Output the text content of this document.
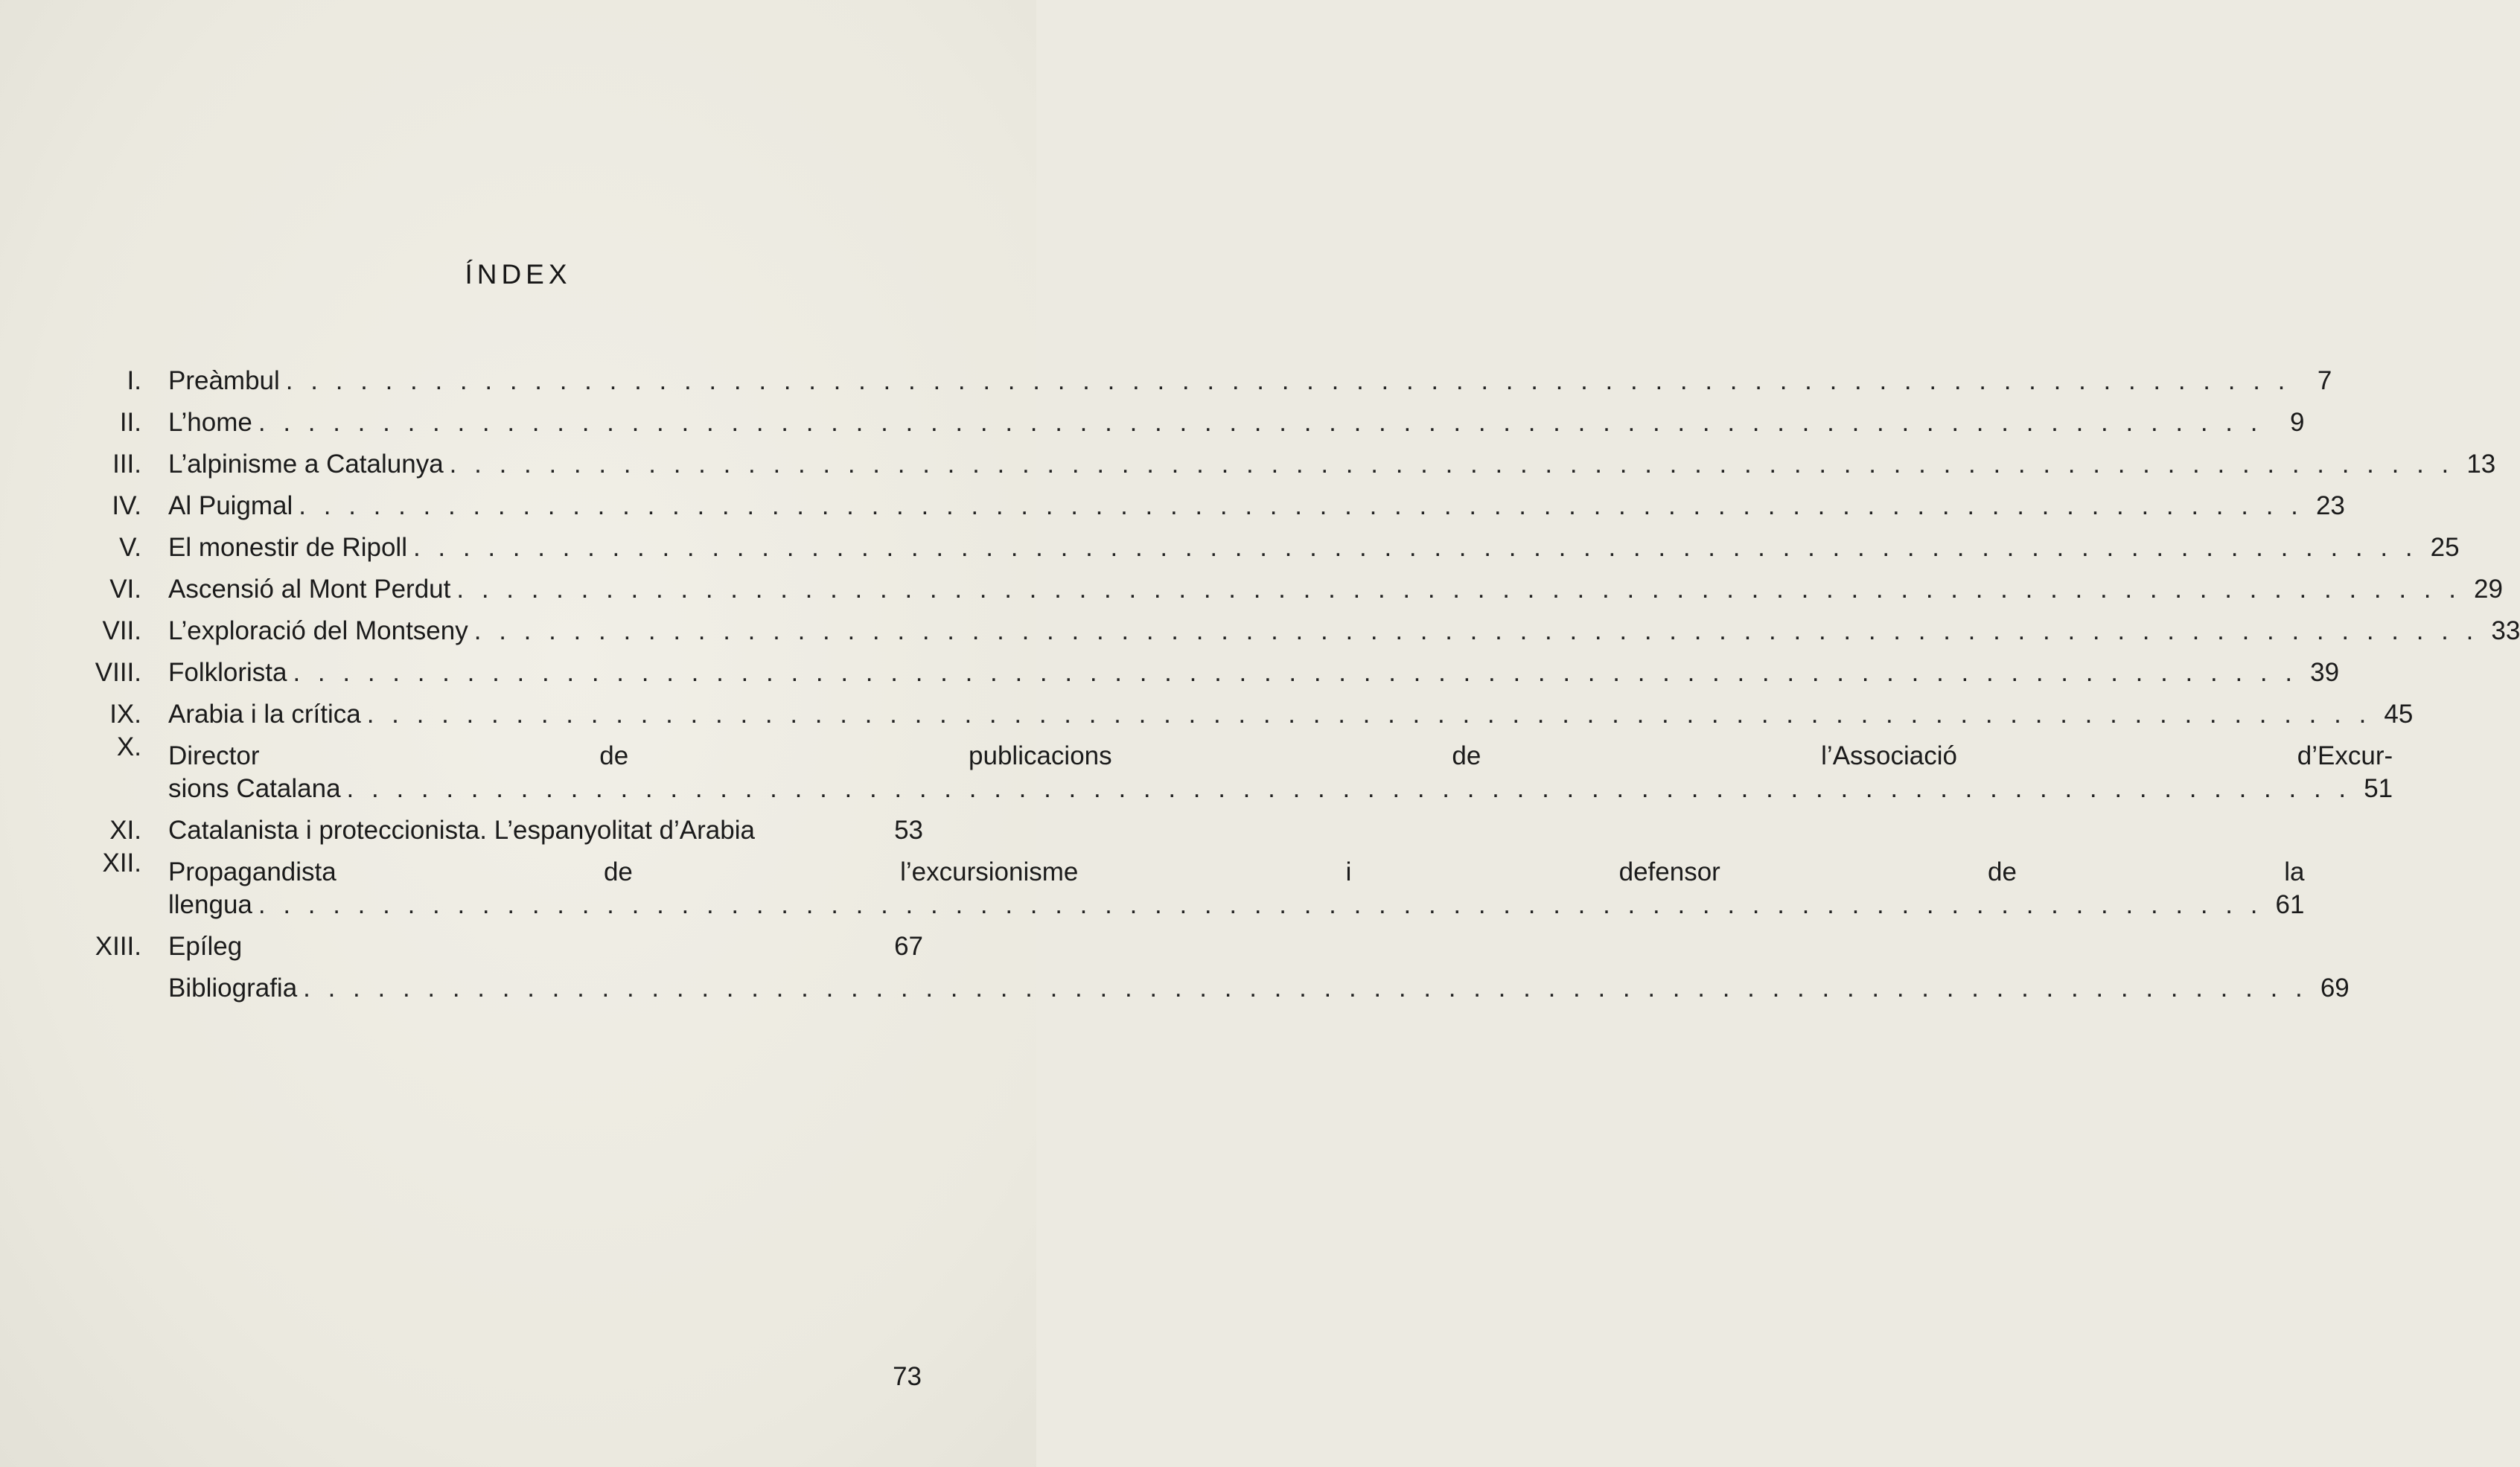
ÍNDEX
I. Preàmbul . . .	7
II. L’home . . .	9
III. L’alpinisme a Catalunya . . .	13
IV. Al Puigmal . . .	23
V. El monestir de Ripoll . . .	25
VI. Ascensió al Mont Perdut . . .	29
VII. L’exploració del Montseny . . .	33
VIII. Folklorista . . .	39
IX. Arabia i la crítica . . .	45
X. Director de publicacions de l’Associació d’Excur-
sions Catalana . . .	51
XI. Catalanista i proteccionista. L’espanyolitat d’Arabia	53
XII. Propagandista de l’excursionisme i defensor de la
llengua . . .	61
XIII. Epíleg	67
Bibliografia . . .	69
73
